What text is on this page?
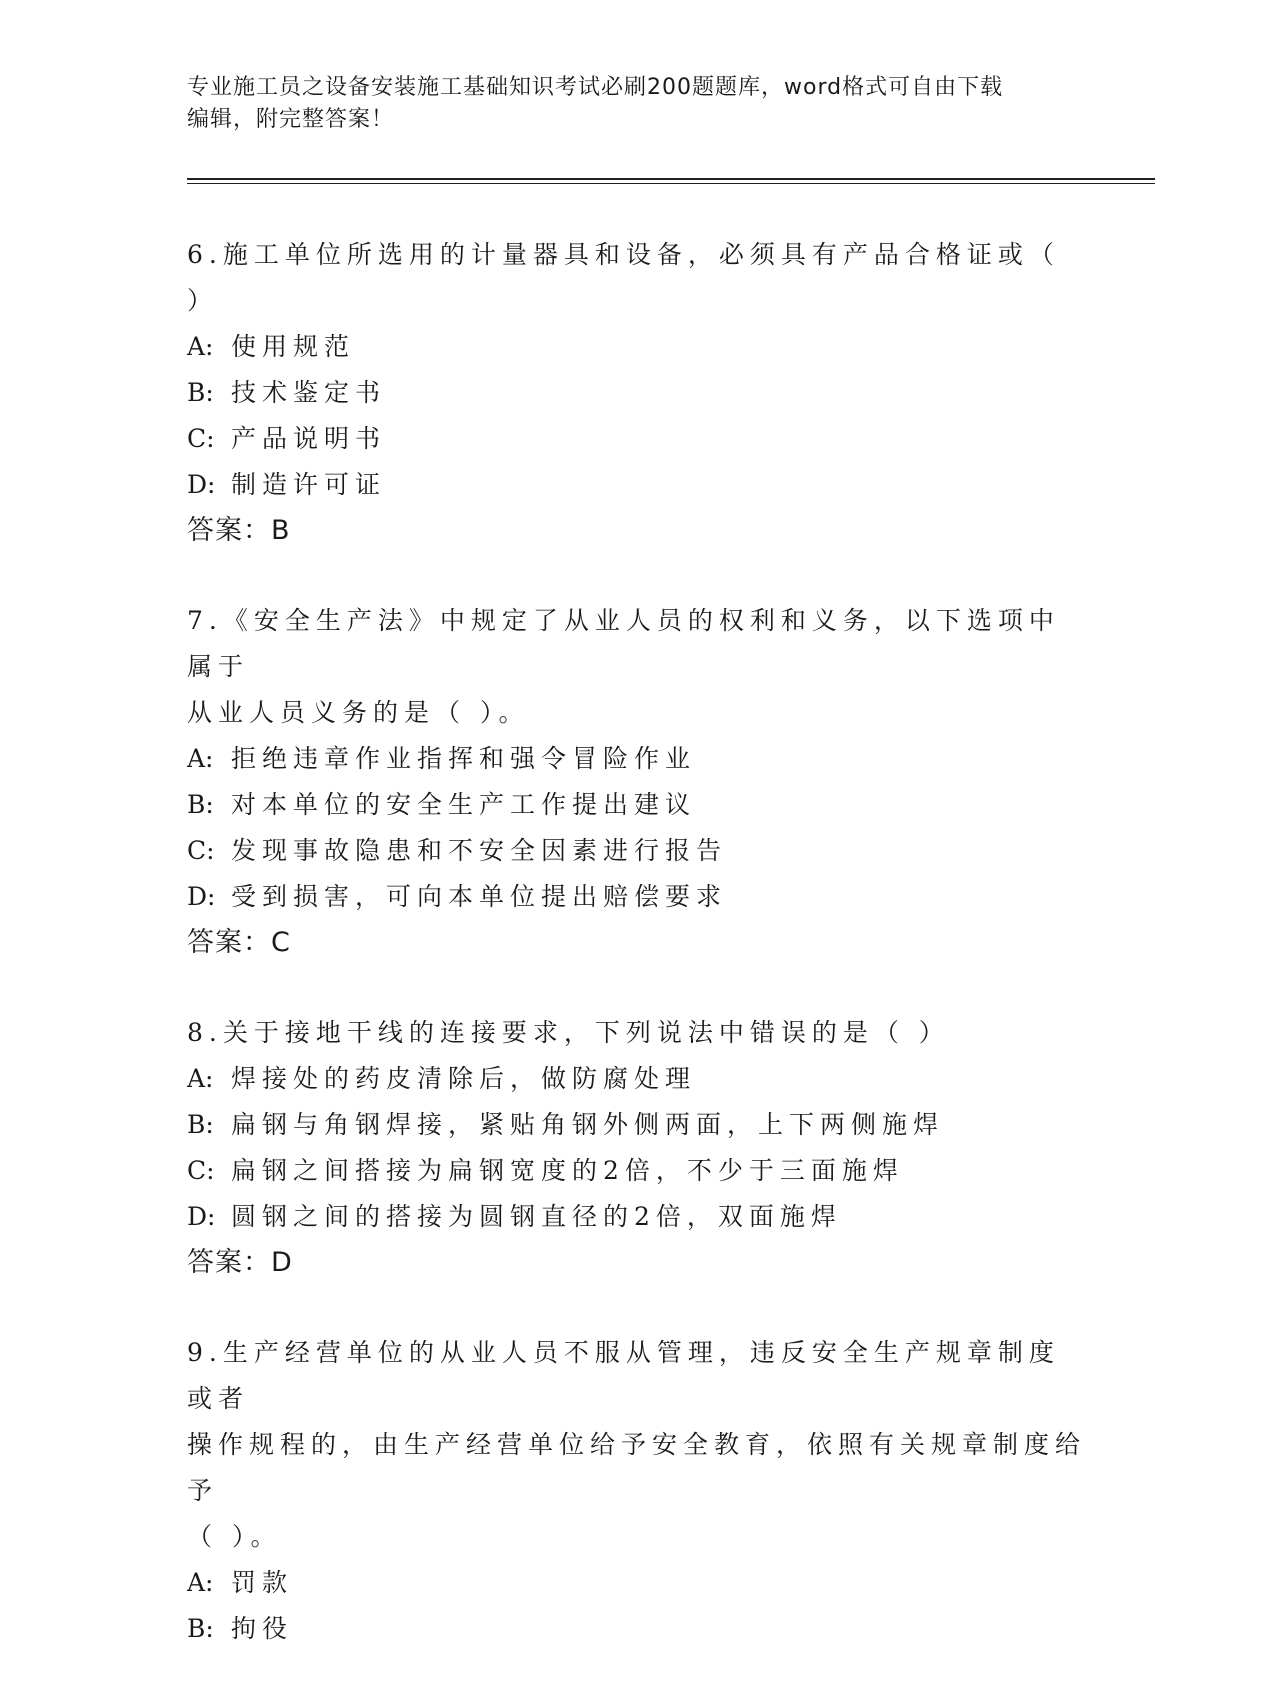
专业施工员之设备安装施工基础知识考试必刷200题题库，word格式可自由下载
编辑，附完整答案！
6.施工单位所选用的计量器具和设备，必须具有产品合格证或（ ）
A: 使用规范
B: 技术鉴定书
C: 产品说明书
D: 制造许可证
答案：B
7.《安全生产法》中规定了从业人员的权利和义务，以下选项中属于
从业人员义务的是（ ）。
A: 拒绝违章作业指挥和强令冒险作业
B: 对本单位的安全生产工作提出建议
C: 发现事故隐患和不安全因素进行报告
D: 受到损害，可向本单位提出赔偿要求
答案：C
8.关于接地干线的连接要求，下列说法中错误的是（ ）
A: 焊接处的药皮清除后，做防腐处理
B: 扁钢与角钢焊接，紧贴角钢外侧两面，上下两侧施焊
C: 扁钢之间搭接为扁钢宽度的2倍，不少于三面施焊
D: 圆钢之间的搭接为圆钢直径的2倍，双面施焊
答案：D
9.生产经营单位的从业人员不服从管理，违反安全生产规章制度或者
操作规程的，由生产经营单位给予安全教育，依照有关规章制度给予
（ ）。
A: 罚款
B: 拘役
